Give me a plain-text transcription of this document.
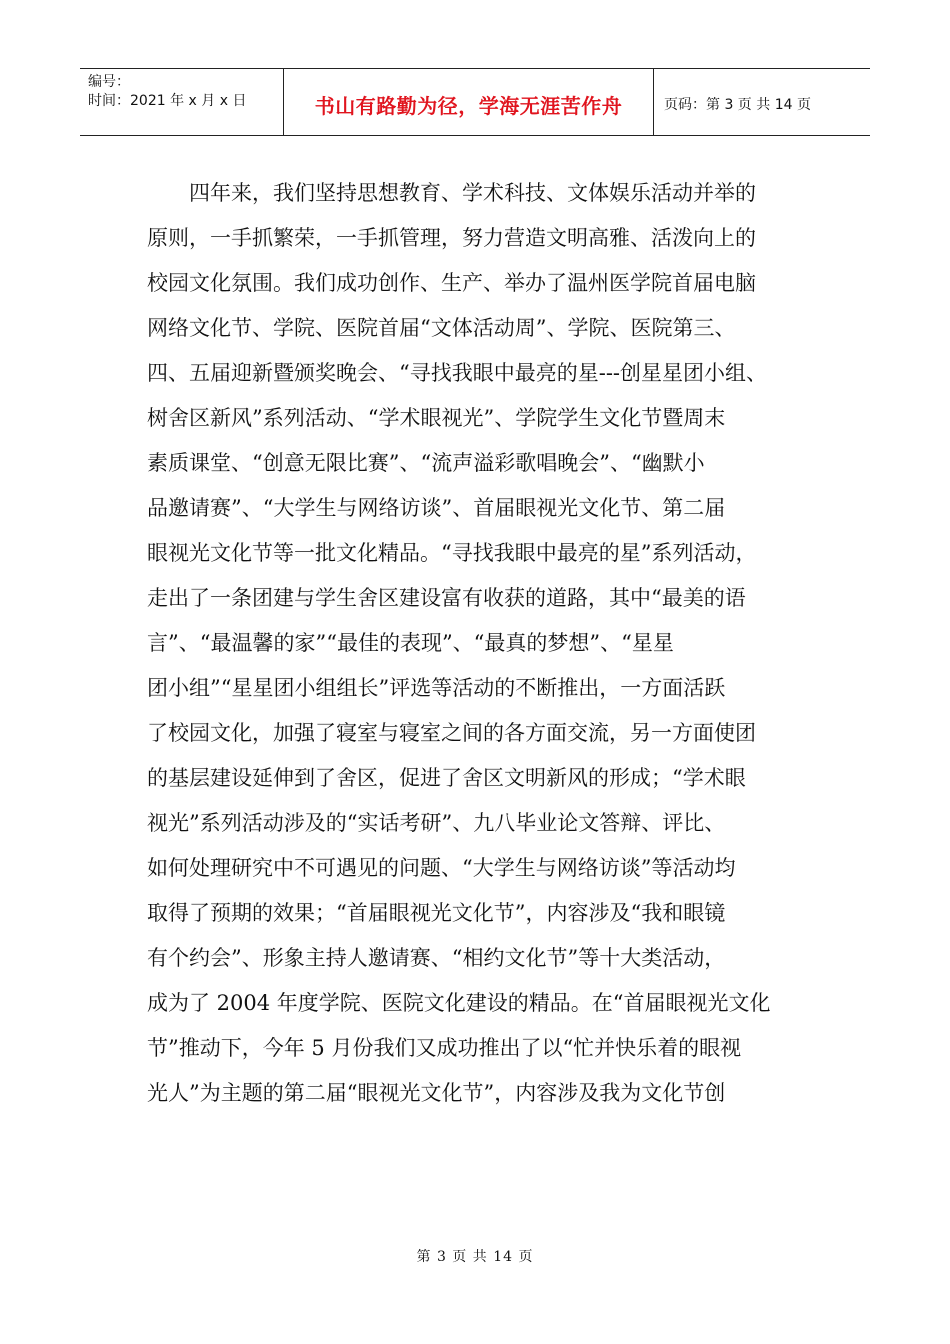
编号：
时间：2021 年 x 月 x 日	书山有路勤为径，学海无涯苦作舟	页码：第 3 页 共 14 页
　　四年来，我们坚持思想教育、学术科技、文体娱乐活动并举的
原则，一手抓繁荣，一手抓管理，努力营造文明高雅、活泼向上的
校园文化氛围。我们成功创作、生产、举办了温州医学院首届电脑
网络文化节、学院、医院首届“文体活动周”、学院、医院第三、
四、五届迎新暨颁奖晚会、“寻找我眼中最亮的星---创星星团小组、
树舍区新风”系列活动、“学术眼视光”、学院学生文化节暨周末
素质课堂、“创意无限比赛”、“流声溢彩歌唱晚会”、“幽默小
品邀请赛”、“大学生与网络访谈”、首届眼视光文化节、第二届
眼视光文化节等一批文化精品。“寻找我眼中最亮的星”系列活动，
走出了一条团建与学生舍区建设富有收获的道路，其中“最美的语
言”、“最温馨的家”“最佳的表现”、“最真的梦想”、“星星
团小组”“星星团小组组长”评选等活动的不断推出，一方面活跃
了校园文化，加强了寝室与寝室之间的各方面交流，另一方面使团
的基层建设延伸到了舍区，促进了舍区文明新风的形成；“学术眼
视光”系列活动涉及的“实话考研”、九八毕业论文答辩、评比、
如何处理研究中不可遇见的问题、“大学生与网络访谈”等活动均
取得了预期的效果；“首届眼视光文化节”，内容涉及“我和眼镜
有个约会”、形象主持人邀请赛、“相约文化节”等十大类活动，
成为了 2004 年度学院、医院文化建设的精品。在“首届眼视光文化
节”推动下，今年 5 月份我们又成功推出了以“忙并快乐着的眼视
光人”为主题的第二届“眼视光文化节”，内容涉及我为文化节创
第 3 页 共 14 页
